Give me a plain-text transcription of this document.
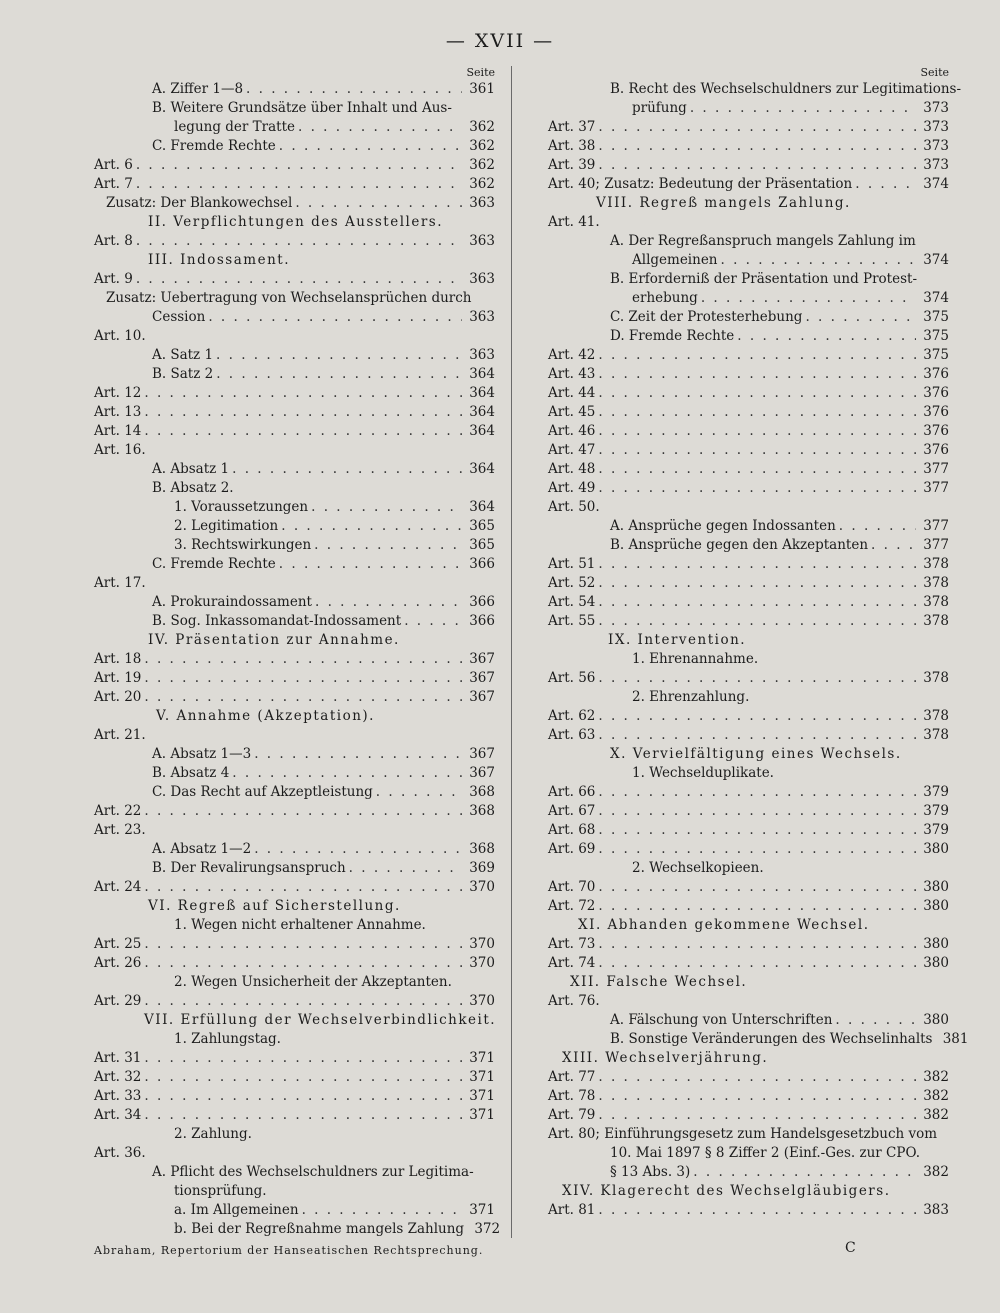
— XVII —
Seite
A. Ziffer 1—8 . . .	361
B. Weitere Grundsätze über Inhalt und Aus-
legung der Tratte . . .	362
C. Fremde Rechte . . .	362
Art. 6 . . .	362
Art. 7 . . .	362
Zusatz: Der Blankowechsel . . .	363
II. Verpflichtungen des Ausstellers.
Art. 8 . . .	363
III. Indossament.
Art. 9 . . .	363
Zusatz: Uebertragung von Wechselansprüchen durch
Cession . . .	363
Art. 10.
A. Satz 1 . . .	363
B. Satz 2 . . .	364
Art. 12 . . .	364
Art. 13 . . .	364
Art. 14 . . .	364
Art. 16.
A. Absatz 1 . . .	364
B. Absatz 2.
1. Voraussetzungen . . .	364
2. Legitimation . . .	365
3. Rechtswirkungen . . .	365
C. Fremde Rechte . . .	366
Art. 17.
A. Prokuraindossament . . .	366
B. Sog. Inkassomandat-Indossament . . .	366
IV. Präsentation zur Annahme.
Art. 18 . . .	367
Art. 19 . . .	367
Art. 20 . . .	367
V. Annahme (Akzeptation).
Art. 21.
A. Absatz 1—3 . . .	367
B. Absatz 4 . . .	367
C. Das Recht auf Akzeptleistung . . .	368
Art. 22 . . .	368
Art. 23.
A. Absatz 1—2 . . .	368
B. Der Revalirungsanspruch . . .	369
Art. 24 . . .	370
VI. Regreß auf Sicherstellung.
1. Wegen nicht erhaltener Annahme.
Art. 25 . . .	370
Art. 26 . . .	370
2. Wegen Unsicherheit der Akzeptanten.
Art. 29 . . .	370
VII. Erfüllung der Wechselverbindlichkeit.
1. Zahlungstag.
Art. 31 . . .	371
Art. 32 . . .	371
Art. 33 . . .	371
Art. 34 . . .	371
2. Zahlung.
Art. 36.
A. Pflicht des Wechselschuldners zur Legitima-
tionsprüfung.
a. Im Allgemeinen . . .	371
b. Bei der Regreßnahme mangels Zahlung 372
Seite
B. Recht des Wechselschuldners zur Legitimations-
prüfung . . .	373
Art. 37 . . .	373
Art. 38 . . .	373
Art. 39 . . .	373
Art. 40; Zusatz: Bedeutung der Präsentation . . .	374
VIII. Regreß mangels Zahlung.
Art. 41.
A. Der Regreßanspruch mangels Zahlung im
Allgemeinen . . .	374
B. Erforderniß der Präsentation und Protest-
erhebung . . .	374
C. Zeit der Protesterhebung . . .	375
D. Fremde Rechte . . .	375
Art. 42 . . .	375
Art. 43 . . .	376
Art. 44 . . .	376
Art. 45 . . .	376
Art. 46 . . .	376
Art. 47 . . .	376
Art. 48 . . .	377
Art. 49 . . .	377
Art. 50.
A. Ansprüche gegen Indossanten . . .	377
B. Ansprüche gegen den Akzeptanten . . .	377
Art. 51 . . .	378
Art. 52 . . .	378
Art. 54 . . .	378
Art. 55 . . .	378
IX. Intervention.
1. Ehrenannahme.
Art. 56 . . .	378
2. Ehrenzahlung.
Art. 62 . . .	378
Art. 63 . . .	378
X. Vervielfältigung eines Wechsels.
1. Wechselduplikate.
Art. 66 . . .	379
Art. 67 . . .	379
Art. 68 . . .	379
Art. 69 . . .	380
2. Wechselkopieen.
Art. 70 . . .	380
Art. 72 . . .	380
XI. Abhanden gekommene Wechsel.
Art. 73 . . .	380
Art. 74 . . .	380
XII. Falsche Wechsel.
Art. 76.
A. Fälschung von Unterschriften . . .	380
B. Sonstige Veränderungen des Wechselinhalts 381
XIII. Wechselverjährung.
Art. 77 . . .	382
Art. 78 . . .	382
Art. 79 . . .	382
Art. 80; Einführungsgesetz zum Handelsgesetzbuch vom
10. Mai 1897 § 8 Ziffer 2 (Einf.-Ges. zur CPO.
§ 13 Abs. 3) . . .	382
XIV. Klagerecht des Wechselgläubigers.
Art. 81 . . .	383
Abraham, Repertorium der Hanseatischen Rechtsprechung.	C
